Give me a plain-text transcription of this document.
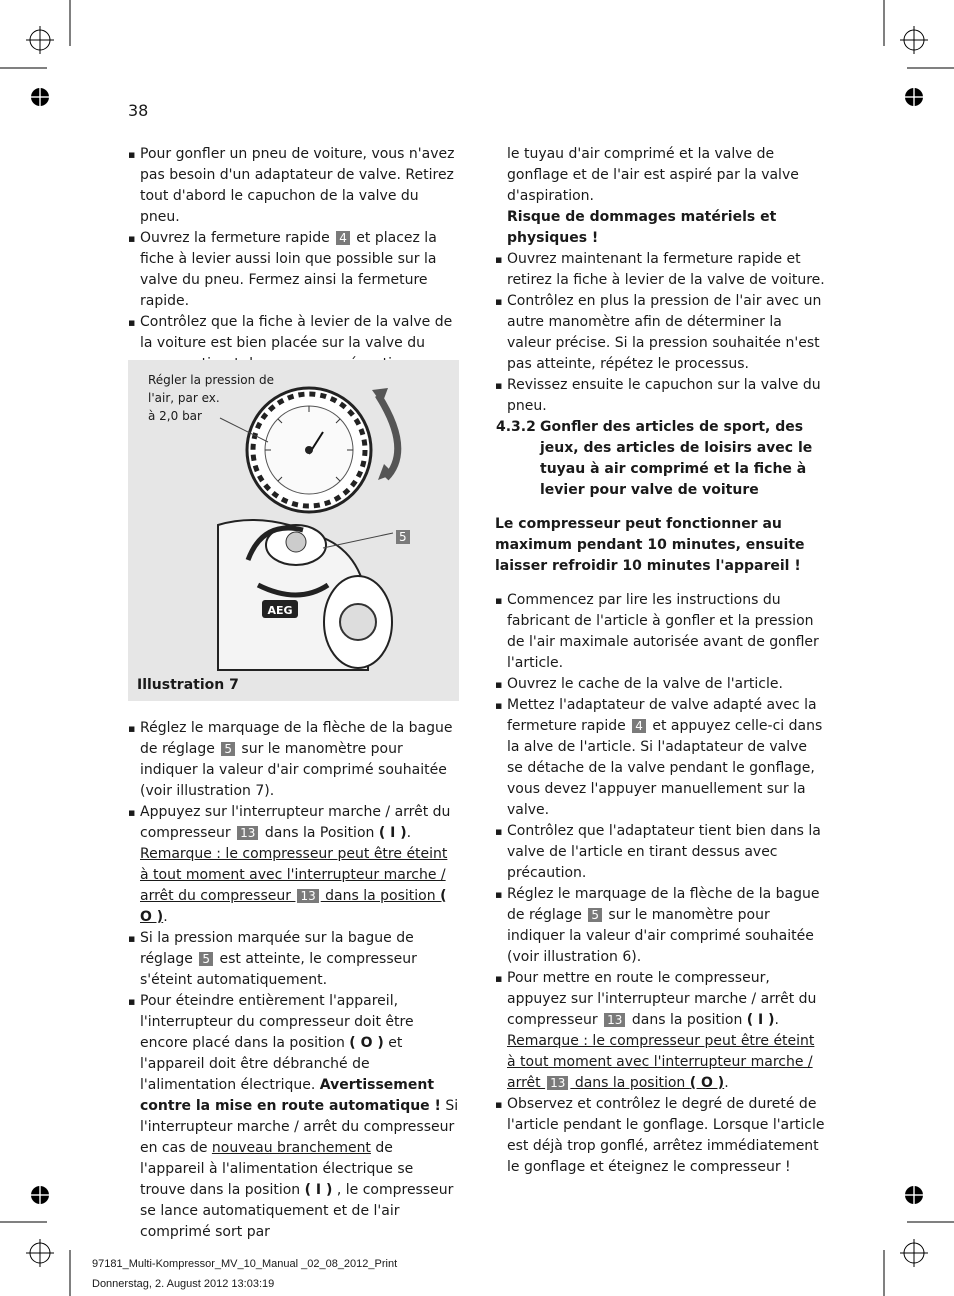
38

▪ Pour gonfler un pneu de voiture, vous n'avez pas besoin d'un adaptateur de valve. Retirez tout d'abord le capuchon de la valve du pneu.

▪ Ouvrez la fermeture rapide 4 et placez la fiche à levier aussi loin que possible sur la valve du pneu. Fermez ainsi la fermeture rapide.

▪ Contrôlez que la fiche à levier de la valve de la voiture est bien placée sur la valve du

AEG
Régler la pression de
l'air, par ex.
à 2,0 bar
5
Illustration 7

▪ Réglez le marquage de la flèche de la bague de réglage 5 sur le manomètre pour indiquer la valeur d'air comprimé souhaitée (voir illustration 7).

▪ Appuyez sur l'interrupteur marche / arrêt du compresseur 13 dans la Position ( I ).
Remarque : le compresseur peut être éteint à tout moment avec l'interrupteur marche / arrêt du compresseur 13 dans la position ( O ).

▪ Si la pression marquée sur la bague de réglage 5 est atteinte, le compresseur s'éteint automatiquement.

▪ Pour éteindre entièrement l'appareil, l'interrupteur du compresseur doit être encore placé dans la position ( O ) et l'appareil doit être débranché de l'alimentation électrique. Avertissement contre la mise en route automatique ! Si l'interrupteur marche / arrêt du compresseur en cas de nouveau branchement de l'appareil à l'alimentation électrique se trouve dans la position ( I ) , le compresseur se lance automatiquement et de l'air comprimé sort par

le tuyau d'air comprimé et la valve de gonflage et de l'air est aspiré par la valve d'aspiration.

Risque de dommages matériels et physiques !

▪ Ouvrez maintenant la fermeture rapide et retirez la fiche à levier de la valve de voiture.

▪ Contrôlez en plus la pression de l'air avec un autre manomètre afin de déterminer la valeur précise. Si la pression souhaitée n'est pas atteinte, répétez le processus.

▪ Revissez ensuite le capuchon sur la valve du pneu.

4.3.2 Gonfler des articles de sport, des jeux, des articles de loisirs avec le tuyau à air comprimé et la fiche à levier pour valve de voiture
Le compresseur peut fonctionner au maximum pendant 10 minutes, ensuite laisser refroidir 10 minutes l'appareil !

▪ Commencez par lire les instructions du fabricant de l'article à gonfler et la pression de l'air maximale autorisée avant de gonfler l'article.

▪ Ouvrez le cache de la valve de l'article.

▪ Mettez l'adaptateur de valve adapté avec la fermeture rapide 4 et appuyez celle-ci dans la alve de l'article. Si l'adaptateur de valve se détache de la valve pendant le gonflage, vous devez l'appuyer manuellement sur la valve.

▪ Contrôlez que l'adaptateur tient bien dans la valve de l'article en tirant dessus avec précaution.

▪ Réglez le marquage de la flèche de la bague de réglage 5 sur le manomètre pour indiquer la valeur d'air comprimé souhaitée (voir illustration 6).

▪ Pour mettre en route le compresseur, appuyez sur l'interrupteur marche / arrêt du compresseur 13 dans la position ( I ).
Remarque : le compresseur peut être éteint à tout moment avec l'interrupteur marche / arrêt 13 dans la position ( O ).

▪ Observez et contrôlez le degré de dureté de l'article pendant le gonflage. Lorsque l'article est déjà trop gonflé, arrêtez immédiatement le gonflage et éteignez le compresseur !

97181_Multi-Kompressor_MV_10_Manual _02_08_2012_Print
Donnerstag, 2. August 2012 13:03:19
